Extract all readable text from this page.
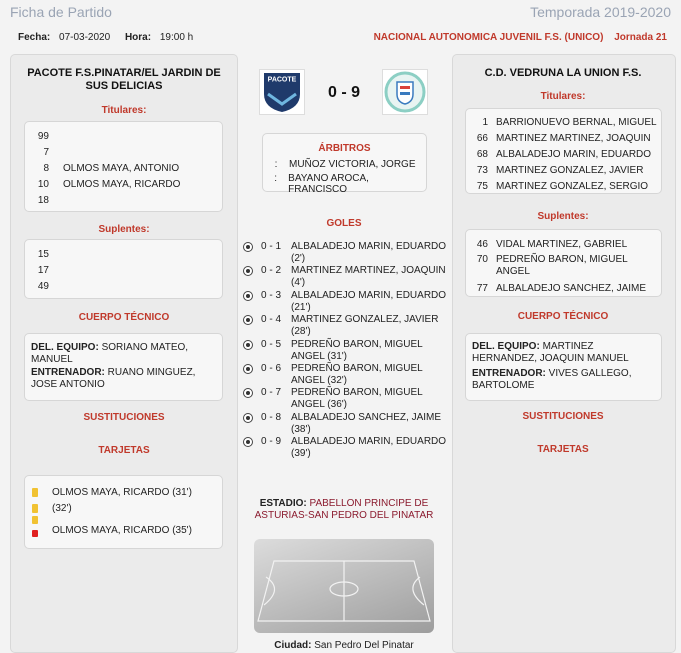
Ficha de Partido	Temporada 2019-2020
Fecha: 07-03-2020 Hora: 19:00 h	NACIONAL AUTONOMICA JUVENIL F.S. (UNICO) Jornada 21
PACOTE F.S.PINATAR/EL JARDIN DE SUS DELICIAS
Titulares:
99
7
8 OLMOS MAYA, ANTONIO
10 OLMOS MAYA, RICARDO
18
Suplentes:
15
17
49
CUERPO TÉCNICO
DEL. EQUIPO: SORIANO MATEO, MANUEL
ENTRENADOR: RUANO MINGUEZ, JOSE ANTONIO
SUSTITUCIONES
TARJETAS
OLMOS MAYA, RICARDO (31')
(32')
OLMOS MAYA, RICARDO (35')
PACOTE
0 - 9
ÁRBITROS
:	MUÑOZ VICTORIA, JORGE
:	BAYANO AROCA, FRANCISCO
GOLES
0 - 1 ALBALADEJO MARIN, EDUARDO (2')
0 - 2 MARTINEZ MARTINEZ, JOAQUIN (4')
0 - 3 ALBALADEJO MARIN, EDUARDO (21')
0 - 4 MARTINEZ GONZALEZ, JAVIER (28')
0 - 5 PEDREÑO BARON, MIGUEL ANGEL (31')
0 - 6 PEDREÑO BARON, MIGUEL ANGEL (32')
0 - 7 PEDREÑO BARON, MIGUEL ANGEL (36')
0 - 8 ALBALADEJO SANCHEZ, JAIME (38')
0 - 9 ALBALADEJO MARIN, EDUARDO (39')
ESTADIO: PABELLON PRINCIPE DE ASTURIAS-SAN PEDRO DEL PINATAR
Ciudad: San Pedro Del Pinatar
C.D. VEDRUNA LA UNION F.S.
Titulares:
1 BARRIONUEVO BERNAL, MIGUEL
66 MARTINEZ MARTINEZ, JOAQUIN
68 ALBALADEJO MARIN, EDUARDO
73 MARTINEZ GONZALEZ, JAVIER
75 MARTINEZ GONZALEZ, SERGIO
Suplentes:
46 VIDAL MARTINEZ, GABRIEL
70 PEDREÑO BARON, MIGUEL ANGEL
77 ALBALADEJO SANCHEZ, JAIME
CUERPO TÉCNICO
DEL. EQUIPO: MARTINEZ HERNANDEZ, JOAQUIN MANUEL
ENTRENADOR: VIVES GALLEGO, BARTOLOME
SUSTITUCIONES
TARJETAS
